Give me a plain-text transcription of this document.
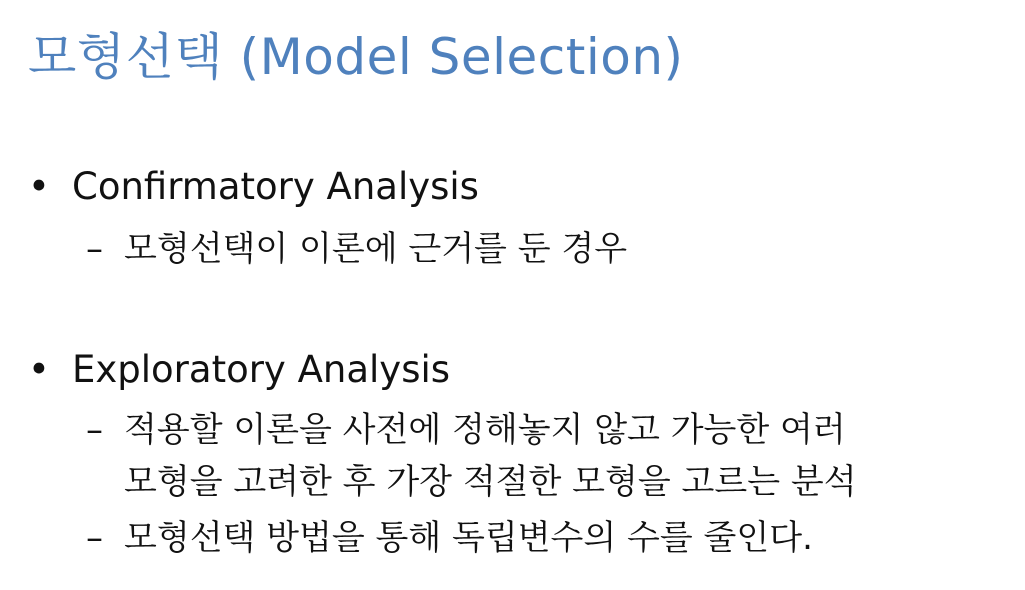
모형선택 (Model Selection)
• Confirmatory Analysis
– 모형선택이 이론에 근거를 둔 경우
• Exploratory Analysis
– 적용할 이론을 사전에 정해놓지 않고 가능한 여러
모형을 고려한 후 가장 적절한 모형을 고르는 분석
– 모형선택 방법을 통해 독립변수의 수를 줄인다.
